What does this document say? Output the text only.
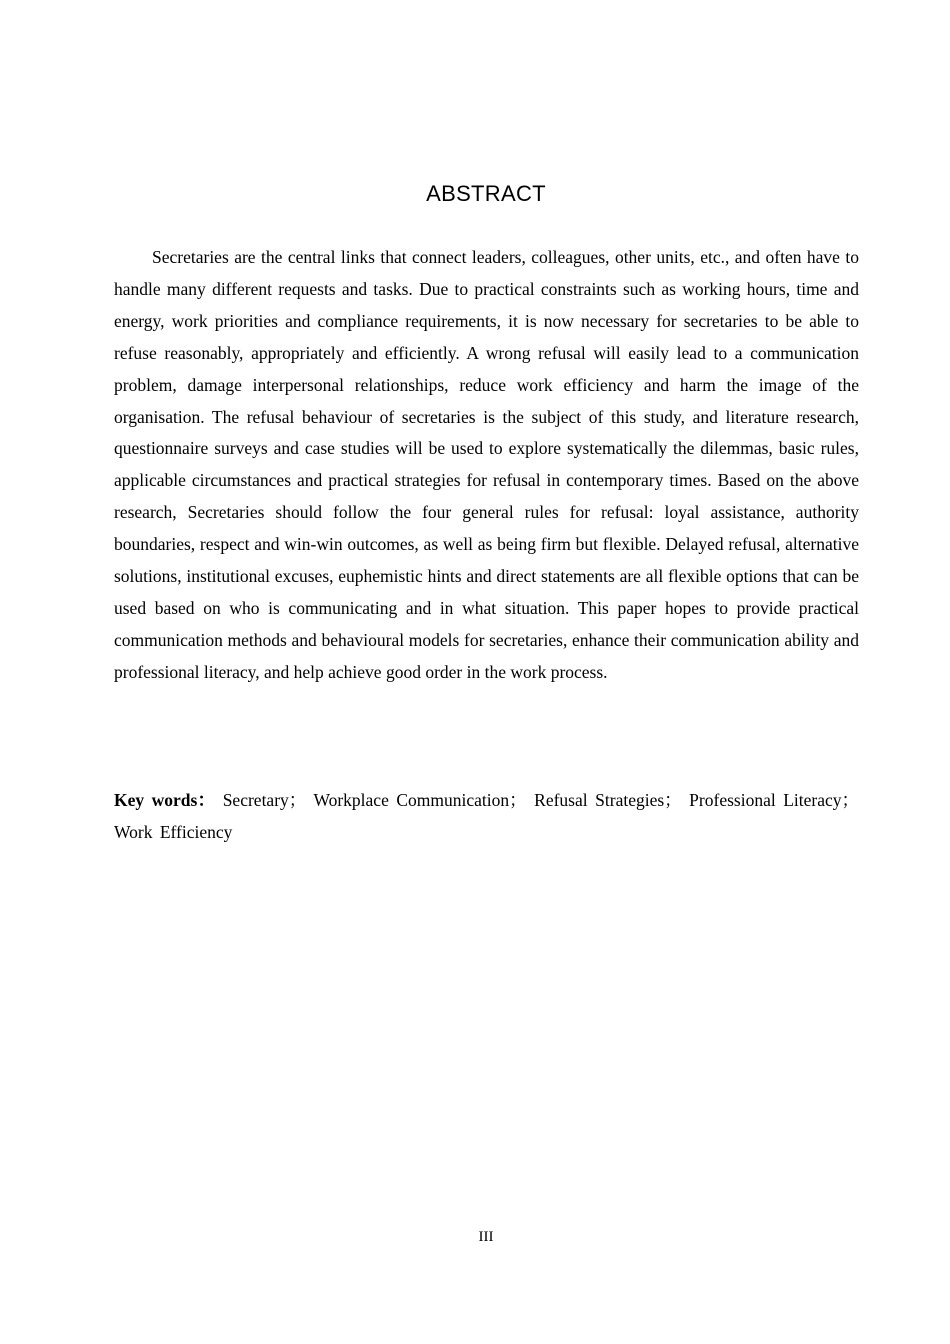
ABSTRACT

Secretaries are the central links that connect leaders, colleagues, other units, etc., and often have to handle many different requests and tasks. Due to practical constraints such as working hours, time and energy, work priorities and compliance requirements, it is now necessary for secretaries to be able to refuse reasonably, appropriately and efficiently. A wrong refusal will easily lead to a communication problem, damage interpersonal relationships, reduce work efficiency and harm the image of the organisation. The refusal behaviour of secretaries is the subject of this study, and literature research, questionnaire surveys and case studies will be used to explore systematically the dilemmas, basic rules, applicable circumstances and practical strategies for refusal in contemporary times. Based on the above research, Secretaries should follow the four general rules for refusal: loyal assistance, authority boundaries, respect and win-win outcomes, as well as being firm but flexible. Delayed refusal, alternative solutions, institutional excuses, euphemistic hints and direct statements are all flexible options that can be used based on who is communicating and in what situation. This paper hopes to provide practical communication methods and behavioural models for secretaries, enhance their communication ability and professional literacy, and help achieve good order in the work process.

Key words： Secretary； Workplace Communication； Refusal Strategies； Professional Literacy； Work Efficiency

III
